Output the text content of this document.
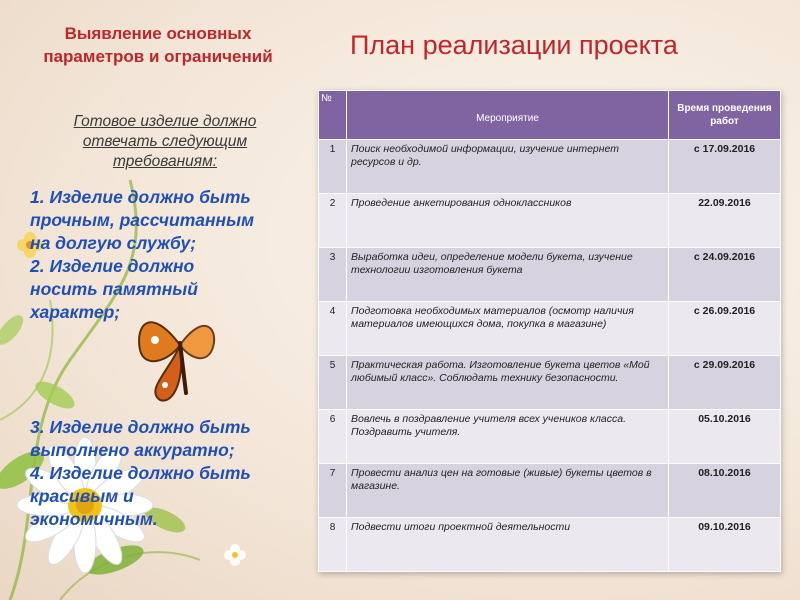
Выявление основных параметров и ограничений
Готовое изделие должно отвечать следующим требованиям:

1. Изделие должно быть прочным, рассчитанным на долгую службу;

2. Изделие должно носить памятный характер;

3. Изделие должно быть выполнено аккуратно;

4. Изделие должно быть красивым и экономичным.

План реализации проекта
№	Мероприятие	Время проведения работ
1	Поиск необходимой информации, изучение интернет ресурсов и др.	с 17.09.2016
2	Проведение анкетирования одноклассников	22.09.2016
3	Выработка идеи, определение модели букета, изучение технологии изготовления букета	с 24.09.2016
4	Подготовка необходимых материалов (осмотр наличия материалов имеющихся дома, покупка в магазине)	с 26.09.2016
5	Практическая работа. Изготовление букета цветов «Мой любимый класс». Соблюдать технику безопасности.	с 29.09.2016
6	Вовлечь в поздравление учителя всех учеников класса. Поздравить учителя.	05.10.2016
7	Провести анализ цен на готовые (живые) букеты цветов в магазине.	08.10.2016
8	Подвести итоги проектной деятельности	09.10.2016
